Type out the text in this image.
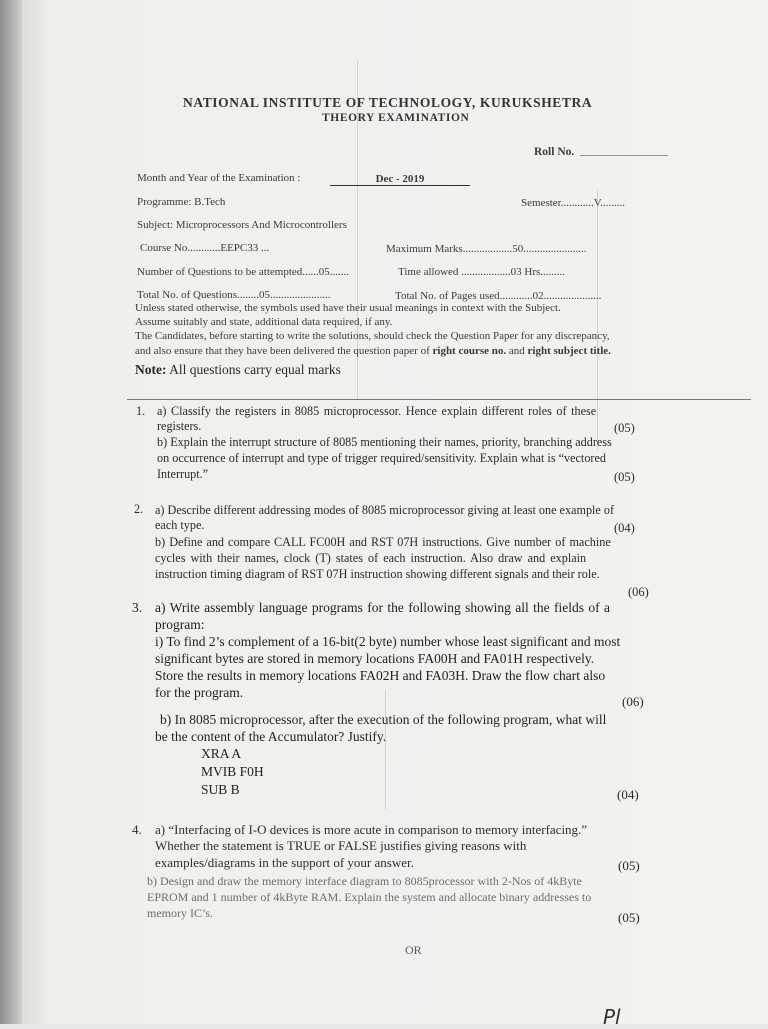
NATIONAL INSTITUTE OF TECHNOLOGY, KURUKSHETRA
THEORY EXAMINATION
Roll No. ________________
Month and Year of the Examination :	Dec - 2019
Programme: B.Tech	Semester............V.........
Subject: Microprocessors And Microcontrollers
Course No............EEPC33 ...	Maximum Marks..................50.......................
Number of Questions to be attempted......05.......	Time allowed ..................03 Hrs.........
Total No. of Questions........05......................	Total No. of Pages used............02.....................
Unless stated otherwise, the symbols used have their usual meanings in context with the Subject.
Assume suitably and state, additional data required, if any.
The Candidates, before starting to write the solutions, should check the Question Paper for any discrepancy,
and also ensure that they have been delivered the question paper of right course no. and right subject title.
Note: All questions carry equal marks
1. a) Classify the registers in 8085 microprocessor. Hence explain different roles of these
registers.	(05)
b) Explain the interrupt structure of 8085 mentioning their names, priority, branching address
on occurrence of interrupt and type of trigger required/sensitivity. Explain what is “vectored
Interrupt.”	(05)
2. a) Describe different addressing modes of 8085 microprocessor giving at least one example of
each type.	(04)
b) Define and compare CALL FC00H and RST 07H instructions. Give number of machine
cycles with their names, clock (T) states of each instruction. Also draw and explain
instruction timing diagram of RST 07H instruction showing different signals and their role.
(06)
3. a) Write assembly language programs for the following showing all the fields of a
program:
i) To find 2’s complement of a 16-bit(2 byte) number whose least significant and most
significant bytes are stored in memory locations FA00H and FA01H respectively.
Store the results in memory locations FA02H and FA03H. Draw the flow chart also
for the program.
(06)
b) In 8085 microprocessor, after the execution of the following program, what will
be the content of the Accumulator? Justify.
XRA A
MVIB F0H
SUB B	(04)
4. a) “Interfacing of I-O devices is more acute in comparison to memory interfacing.”
Whether the statement is TRUE or FALSE justifies giving reasons with
examples/diagrams in the support of your answer.	(05)
b) Design and draw the memory interface diagram to 8085processor with 2-Nos of 4kByte
EPROM and 1 number of 4kByte RAM. Explain the system and allocate binary addresses to
memory IC’s.	(05)
OR
Pl
